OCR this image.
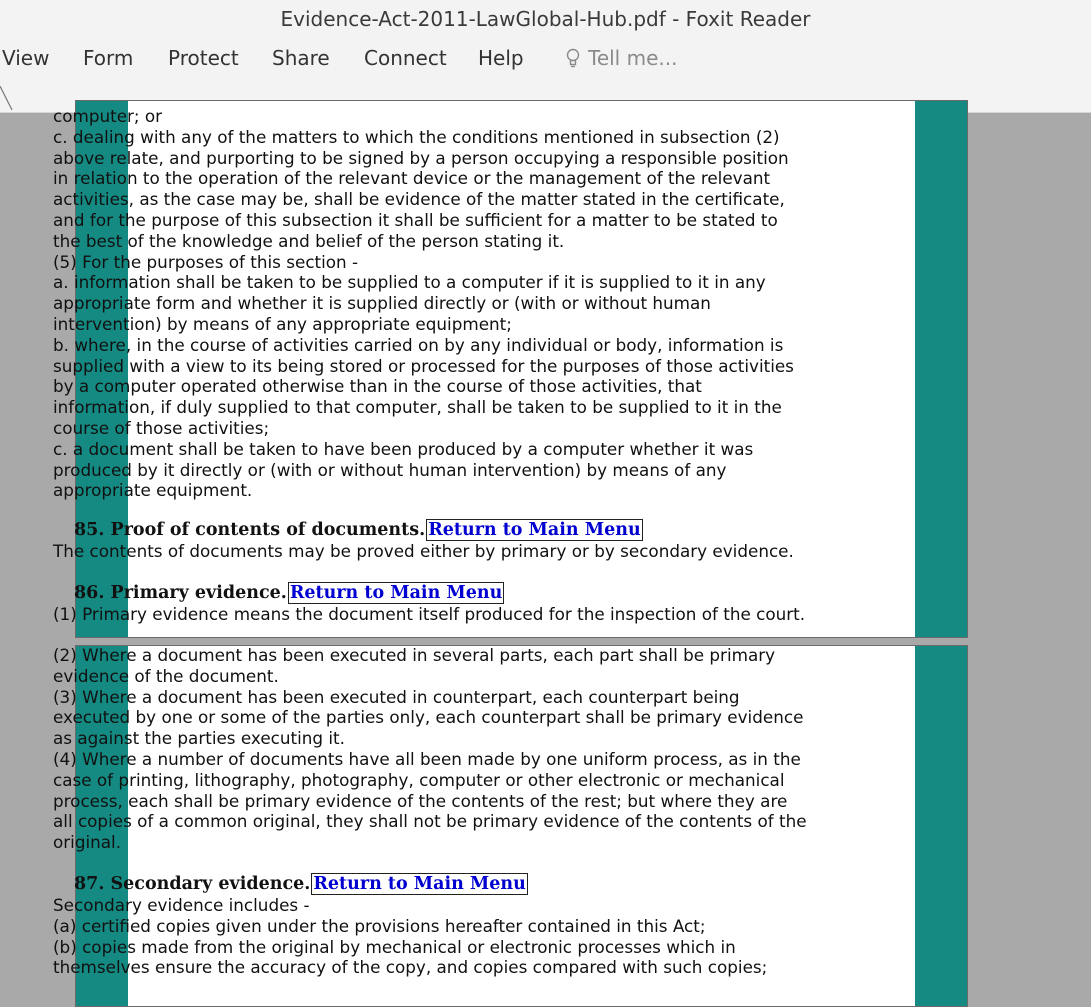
Evidence-Act-2011-LawGlobal-Hub.pdf - Foxit Reader
View Form Protect Share Connect Help	Tell me...
computer; or
c. dealing with any of the matters to which the conditions mentioned in subsection (2)
above relate, and purporting to be signed by a person occupying a responsible position
in relation to the operation of the relevant device or the management of the relevant
activities, as the case may be, shall be evidence of the matter stated in the certificate,
and for the purpose of this subsection it shall be sufficient for a matter to be stated to
the best of the knowledge and belief of the person stating it.
(5) For the purposes of this section -
a. information shall be taken to be supplied to a computer if it is supplied to it in any
appropriate form and whether it is supplied directly or (with or without human
intervention) by means of any appropriate equipment;
b. where, in the course of activities carried on by any individual or body, information is
supplied with a view to its being stored or processed for the purposes of those activities
by a computer operated otherwise than in the course of those activities, that
information, if duly supplied to that computer, shall be taken to be supplied to it in the
course of those activities;
c. a document shall be taken to have been produced by a computer whether it was
produced by it directly or (with or without human intervention) by means of any
appropriate equipment.
85. Proof of contents of documents. Return to Main Menu
The contents of documents may be proved either by primary or by secondary evidence.
86. Primary evidence. Return to Main Menu
(1) Primary evidence means the document itself produced for the inspection of the court.
(2) Where a document has been executed in several parts, each part shall be primary
evidence of the document.
(3) Where a document has been executed in counterpart, each counterpart being
executed by one or some of the parties only, each counterpart shall be primary evidence
as against the parties executing it.
(4) Where a number of documents have all been made by one uniform process, as in the
case of printing, lithography, photography, computer or other electronic or mechanical
process, each shall be primary evidence of the contents of the rest; but where they are
all copies of a common original, they shall not be primary evidence of the contents of the
original.
87. Secondary evidence. Return to Main Menu
Secondary evidence includes -
(a) certified copies given under the provisions hereafter contained in this Act;
(b) copies made from the original by mechanical or electronic processes which in
themselves ensure the accuracy of the copy, and copies compared with such copies;
